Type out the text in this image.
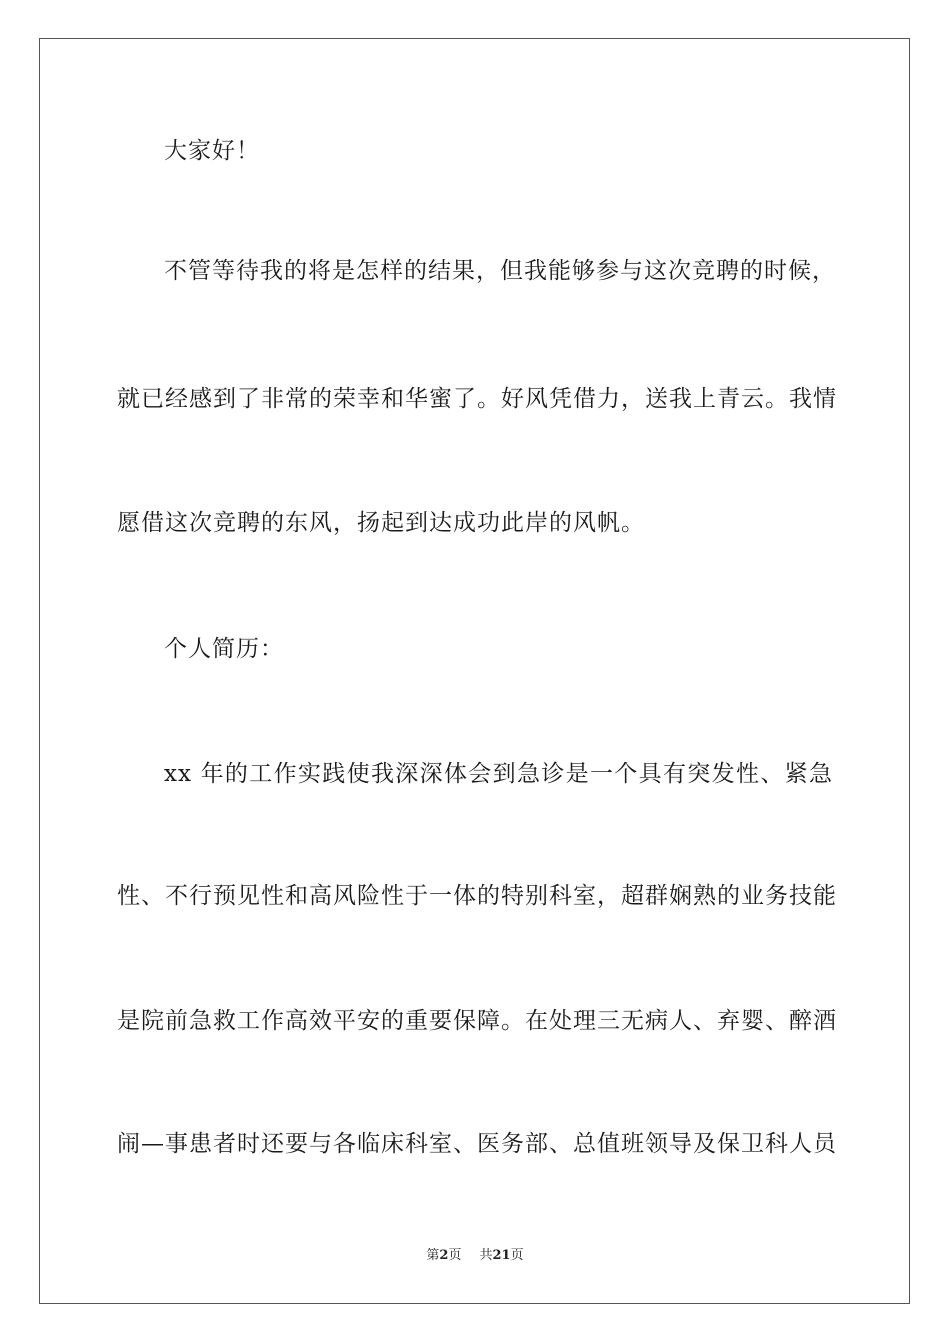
大家好！
不管等待我的将是怎样的结果，但我能够参与这次竞聘的时候，
就已经感到了非常的荣幸和华蜜了。好风凭借力，送我上青云。我情
愿借这次竞聘的东风，扬起到达成功此岸的风帆。
个人简历：
xx 年的工作实践使我深深体会到急诊是一个具有突发性、紧急
性、不行预见性和高风险性于一体的特别科室，超群娴熟的业务技能
是院前急救工作高效平安的重要保障。在处理三无病人、弃婴、醉酒
闹—事患者时还要与各临床科室、医务部、总值班领导及保卫科人员
第2页 共21页
